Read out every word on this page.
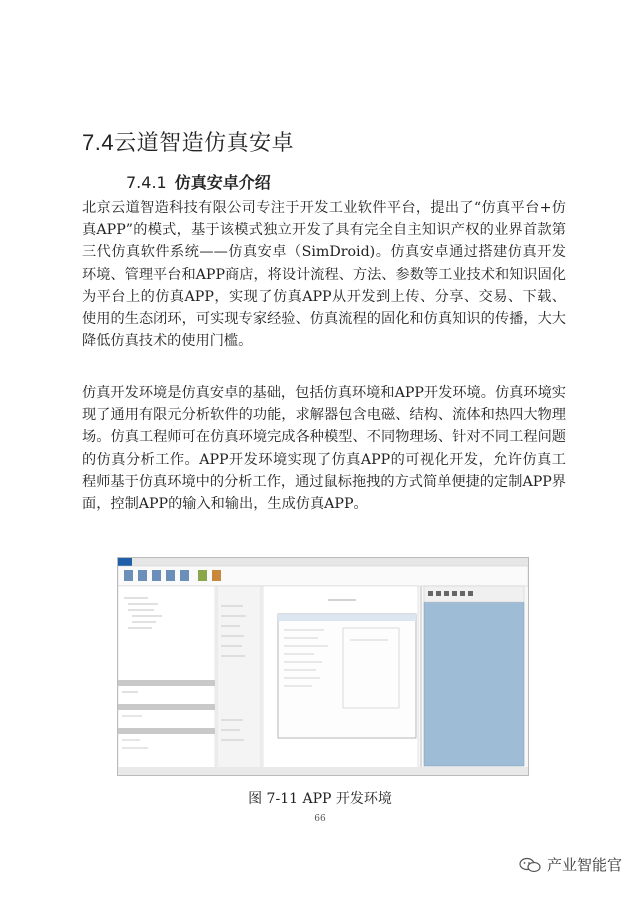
7.4云道智造仿真安卓
7.4.1 仿真安卓介绍

北京云道智造科技有限公司专注于开发工业软件平台，提出了“仿真平台+仿真APP”的模式，基于该模式独立开发了具有完全自主知识产权的业界首款第三代仿真软件系统——仿真安卓（SimDroid)。仿真安卓通过搭建仿真开发环境、管理平台和APP商店，将设计流程、方法、参数等工业技术和知识固化为平台上的仿真APP，实现了仿真APP从开发到上传、分享、交易、下载、使用的生态闭环，可实现专家经验、仿真流程的固化和仿真知识的传播，大大降低仿真技术的使用门槛。

仿真开发环境是仿真安卓的基础，包括仿真环境和APP开发环境。仿真环境实现了通用有限元分析软件的功能，求解器包含电磁、结构、流体和热四大物理场。仿真工程师可在仿真环境完成各种模型、不同物理场、针对不同工程问题的仿真分析工作。APP开发环境实现了仿真APP的可视化开发，允许仿真工程师基于仿真环境中的分析工作，通过鼠标拖拽的方式简单便捷的定制APP界面，控制APP的输入和输出，生成仿真APP。

图 7-11 APP 开发环境
66
产业智能官
